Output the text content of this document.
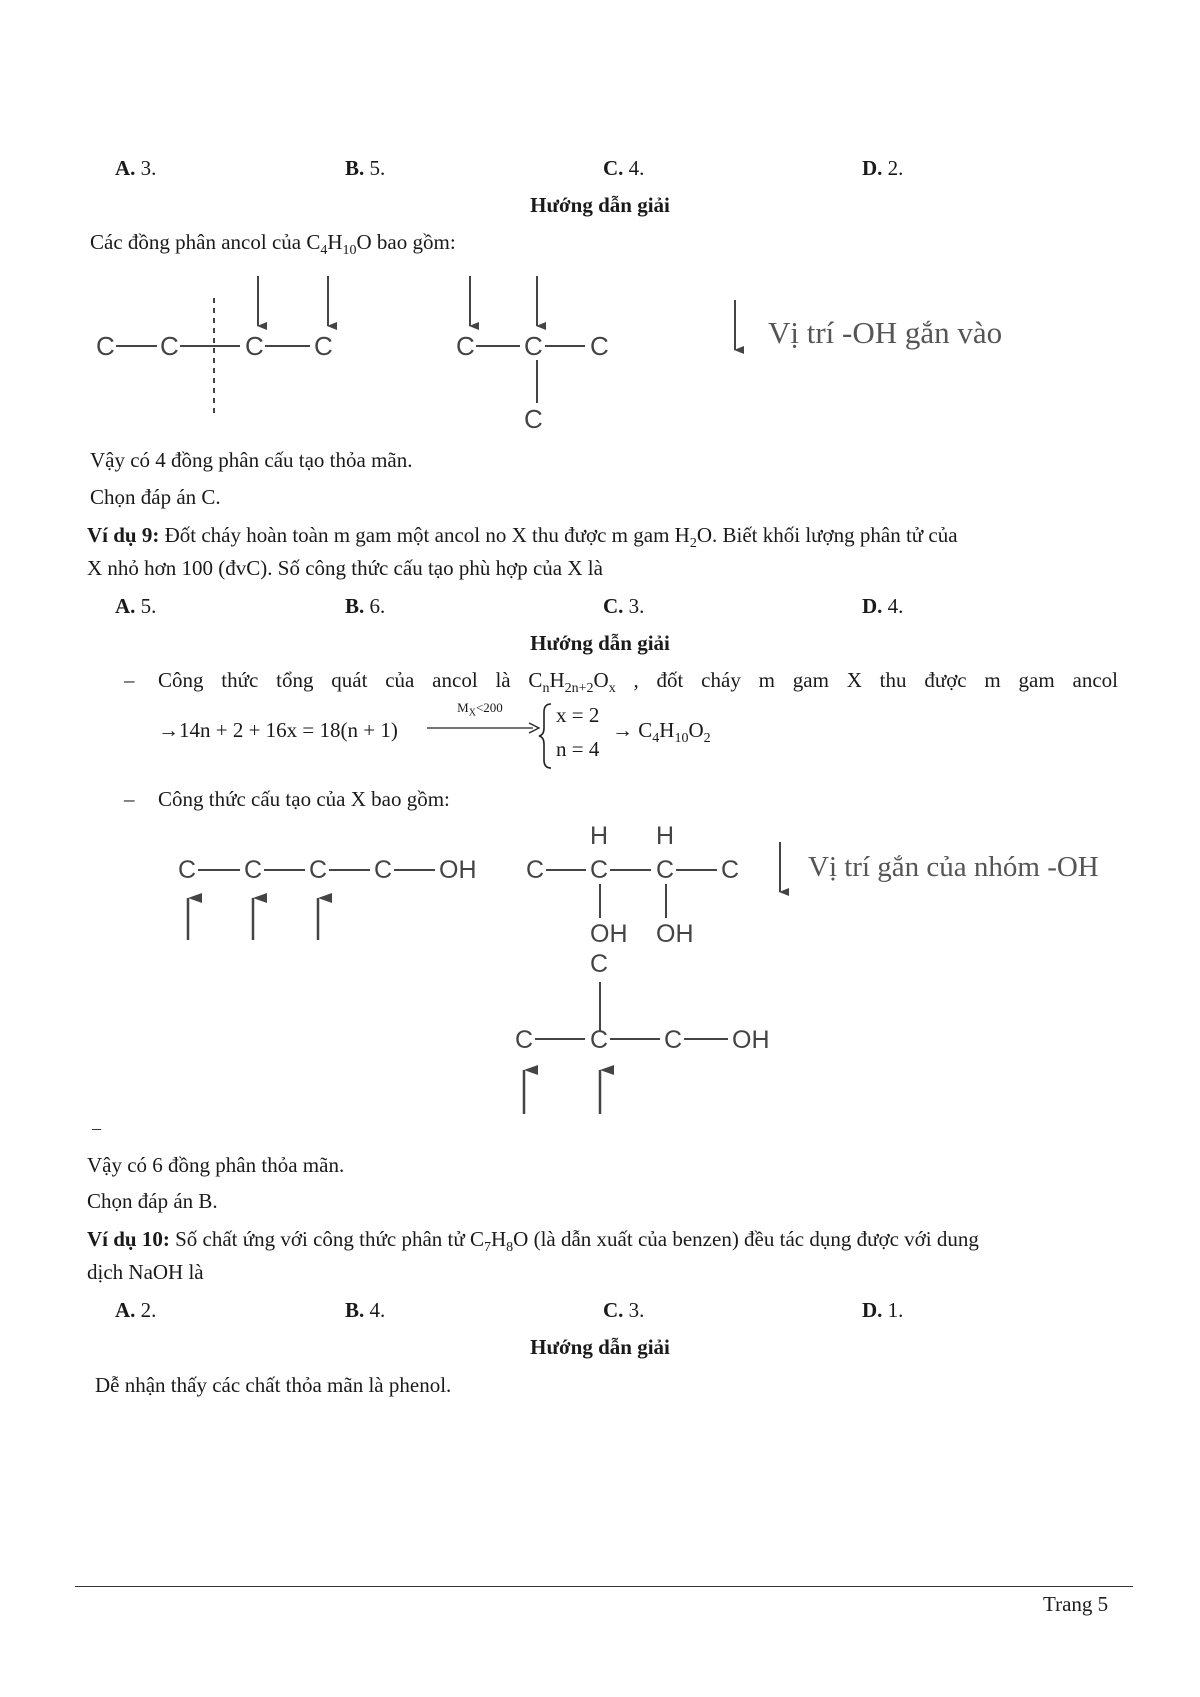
A. 3.	B. 5.	C. 4.	D. 2.
Hướng dẫn giải
Các đồng phân ancol của $C_4H_{10}O$ bao gồm:
C C	C C	C C C
C
Vị trí -OH gắn vào
Vậy có 4 đồng phân cấu tạo thỏa mãn.
Chọn đáp án C.
Ví dụ 9: Đốt cháy hoàn toàn m gam một ancol no X thu được m gam $H_2O$. Biết khối lượng phân tử của
X nhỏ hơn 100 (đvC). Số công thức cấu tạo phù hợp của X là
A. 5.	B. 6.	C. 3.	D. 4.
Hướng dẫn giải
– Công thức tổng quát của ancol là $C_nH_{2n+2}O_x$ , đốt cháy m gam X thu được m gam ancol
→14n + 2 + 16x = 18(n + 1)
$M_X<200$	x = 2
n = 4
→ $C_4H_{10}O_2$
– Công thức cấu tạo của X bao gồm:
C C C C OH
H H
C C C C
OH OH
Vị trí gắn của nhóm -OH
C
C C C OH
–
Vậy có 6 đồng phân thỏa mãn.
Chọn đáp án B.
Ví dụ 10: Số chất ứng với công thức phân tử $C_7H_8O$ (là dẫn xuất của benzen) đều tác dụng được với dung
dịch NaOH là
A. 2.	B. 4.	C. 3.	D. 1.
Hướng dẫn giải
Dễ nhận thấy các chất thỏa mãn là phenol.
Trang 5
